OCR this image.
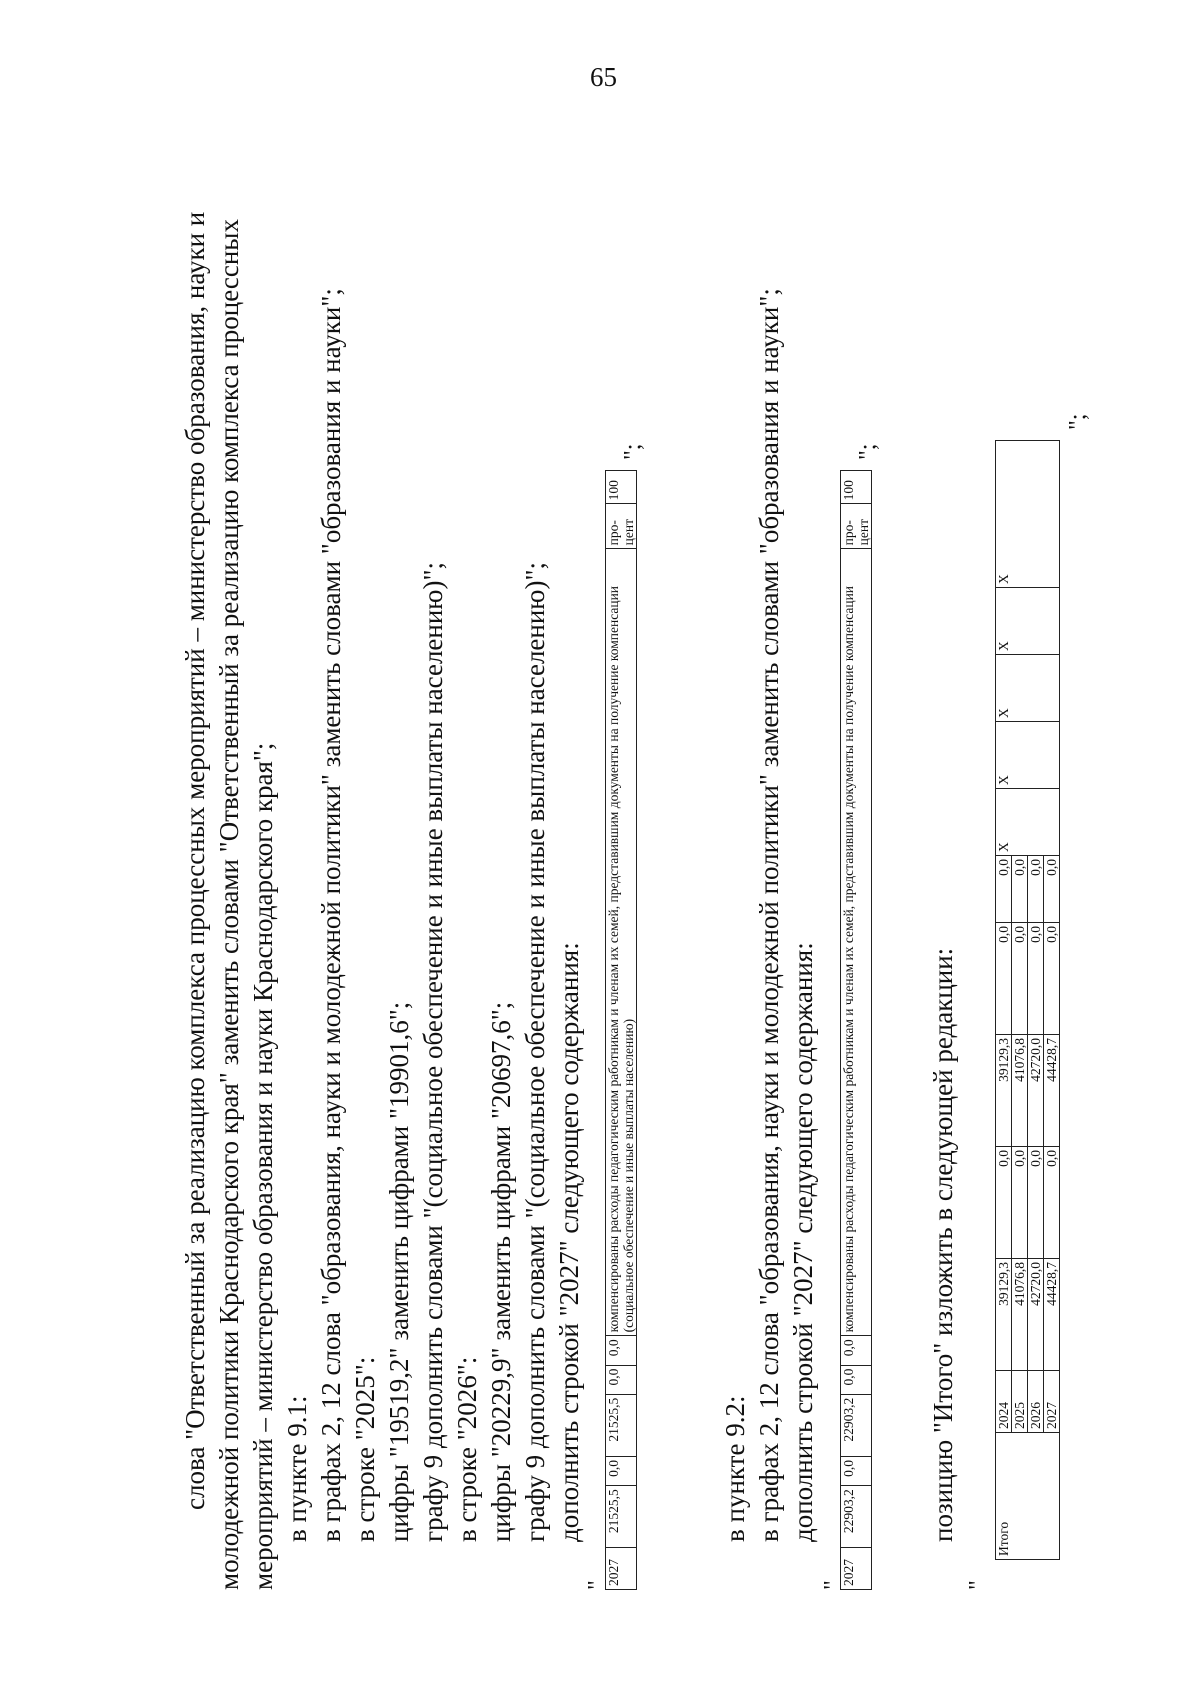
65
слова "Ответственный за реализацию комплекса процессных мероприятий – министерство образования, науки и молодежной политики Краснодарского края" заменить словами "Ответственный за реализацию комплекса процессных мероприятий – министерство образования и науки Краснодарского края"; в пункте 9.1: в графах 2, 12 слова "образования, науки и молодежной политики" заменить словами "образования и науки"; в строке "2025": цифры "19519,2" заменить цифрами "19901,6"; графу 9 дополнить словами "(социальное обеспечение и иные выплаты населению)"; в строке "2026": цифры "20229,9" заменить цифрами "20697,6"; графу 9 дополнить словами "(социальное обеспечение и иные выплаты населению)"; дополнить строкой "2027" следующего содержания:
"
2027	21525,5	0,0	21525,5	0,0	0,0	компенсированы расходы педагогическим работникам и членам их семей, представившим документы на получение компенсации (социальное обеспечение и иные выплаты населению)	про-цент	100
";
в пункте 9.2: в графах 2, 12 слова "образования, науки и молодежной политики" заменить словами "образования и науки"; дополнить строкой "2027" следующего содержания:
"
2027	22903,2	0,0	22903,2	0,0	0,0	компенсированы расходы педагогическим работникам и членам их семей, представившим документы на получение компенсации	про-цент	100
";
позицию "Итого" изложить в следующей редакции:
"
Итого	2024	39129,3	0,0	39129,3	0,0	0,0	X	X	X	X	X
	2025	41076,8	0,0	41076,8	0,0	0,0					
	2026	42720,0	0,0	42720,0	0,0	0,0					
	2027	44428,7	0,0	44428,7	0,0	0,0					
";
